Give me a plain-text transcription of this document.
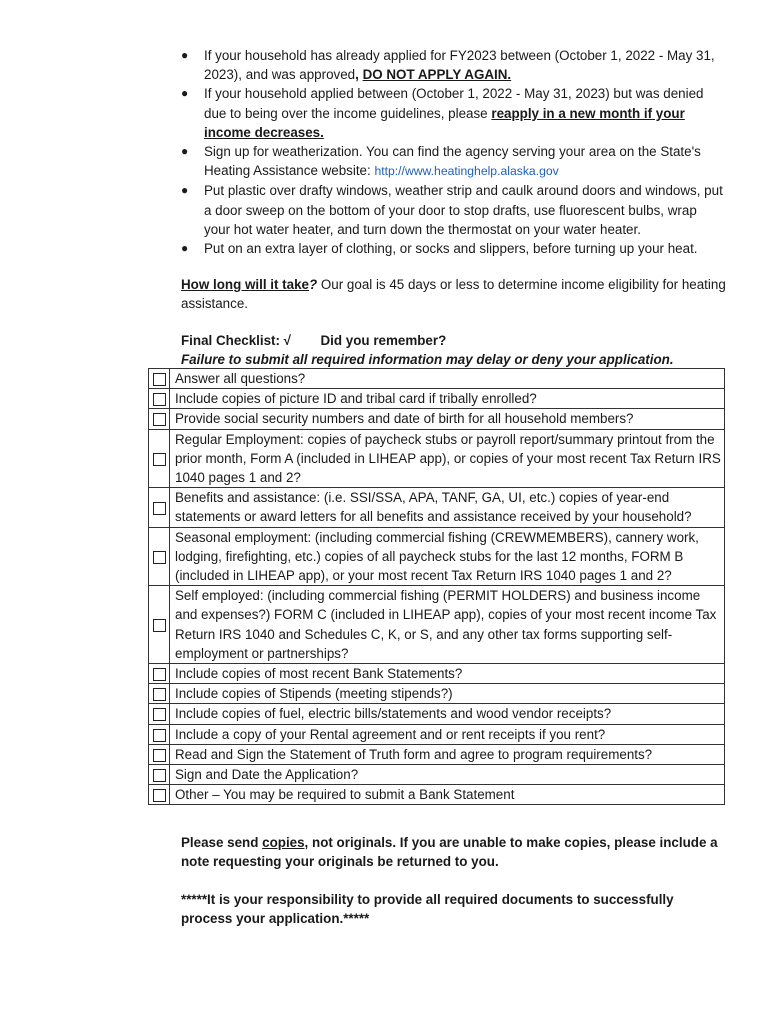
● If your household has already applied for FY2023 between (October 1, 2022 - May 31, 2023), and was approved, DO NOT APPLY AGAIN.
● If your household applied between (October 1, 2022 - May 31, 2023) but was denied due to being over the income guidelines, please reapply in a new month if your income decreases.
● Sign up for weatherization. You can find the agency serving your area on the State's Heating Assistance website: http://www.heatinghelp.alaska.gov
● Put plastic over drafty windows, weather strip and caulk around doors and windows, put a door sweep on the bottom of your door to stop drafts, use fluorescent bulbs, wrap your hot water heater, and turn down the thermostat on your water heater.
● Put on an extra layer of clothing, or socks and slippers, before turning up your heat.
How long will it take? Our goal is 45 days or less to determine income eligibility for heating assistance.
Final Checklist: √ Did you remember?
Failure to submit all required information may delay or deny your application.
	Answer all questions?
	Include copies of picture ID and tribal card if tribally enrolled?
	Provide social security numbers and date of birth for all household members?
	Regular Employment: copies of paycheck stubs or payroll report/summary printout from the prior month, Form A (included in LIHEAP app), or copies of your most recent Tax Return IRS 1040 pages 1 and 2?
	Benefits and assistance: (i.e. SSI/SSA, APA, TANF, GA, UI, etc.) copies of year-end statements or award letters for all benefits and assistance received by your household?
	Seasonal employment: (including commercial fishing (CREWMEMBERS), cannery work, lodging, firefighting, etc.) copies of all paycheck stubs for the last 12 months, FORM B (included in LIHEAP app), or your most recent Tax Return IRS 1040 pages 1 and 2?
	Self employed: (including commercial fishing (PERMIT HOLDERS) and business income and expenses?) FORM C (included in LIHEAP app), copies of your most recent income Tax Return IRS 1040 and Schedules C, K, or S, and any other tax forms supporting self-employment or partnerships?
	Include copies of most recent Bank Statements?
	Include copies of Stipends (meeting stipends?)
	Include copies of fuel, electric bills/statements and wood vendor receipts?
	Include a copy of your Rental agreement and or rent receipts if you rent?
	Read and Sign the Statement of Truth form and agree to program requirements?
	Sign and Date the Application?
	Other – You may be required to submit a Bank Statement
Please send copies, not originals. If you are unable to make copies, please include a note requesting your originals be returned to you.
*****It is your responsibility to provide all required documents to successfully process your application.*****
